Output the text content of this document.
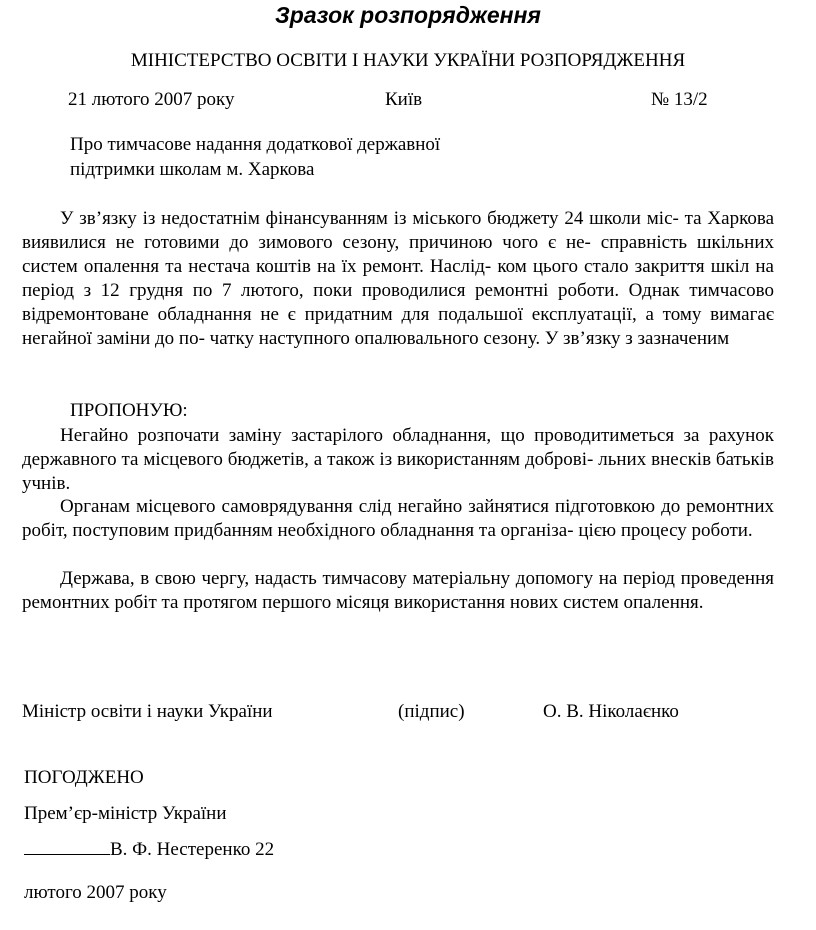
Зразок розпорядження
МІНІСТЕРСТВО ОСВІТИ І НАУКИ УКРАЇНИ РОЗПОРЯДЖЕННЯ
21 лютого 2007 року	Київ	№ 13/2
Про тимчасове надання додаткової державної
підтримки школам м. Харкова
У зв’язку із недостатнім фінансуванням із міського бюджету 24 школи міс- та Харкова виявилися не готовими до зимового сезону, причиною чого є не- справність шкільних систем опалення та нестача коштів на їх ремонт. Наслід- ком цього стало закриття шкіл на період з 12 грудня по 7 лютого, поки проводилися ремонтні роботи. Однак тимчасово відремонтоване обладнання не є придатним для подальшої експлуатації, а тому вимагає негайної заміни до по- чатку наступного опалювального сезону. У зв’язку з зазначеним
ПРОПОНУЮ:
Негайно розпочати заміну застарілого обладнання, що проводитиметься за рахунок державного та місцевого бюджетів, а також із використанням доброві- льних внесків батьків учнів.
Органам місцевого самоврядування слід негайно зайнятися підготовкою до ремонтних робіт, поступовим придбанням необхідного обладнання та організа- цією процесу роботи.
Держава, в свою чергу, надасть тимчасову матеріальну допомогу на період проведення ремонтних робіт та протягом першого місяця використання нових систем опалення.
Міністр освіти і науки України	(підпис)	О. В. Ніколаєнко
ПОГОДЖЕНО
Прем’єр-міністр України
В. Ф. Нестеренко 22
лютого 2007 року
